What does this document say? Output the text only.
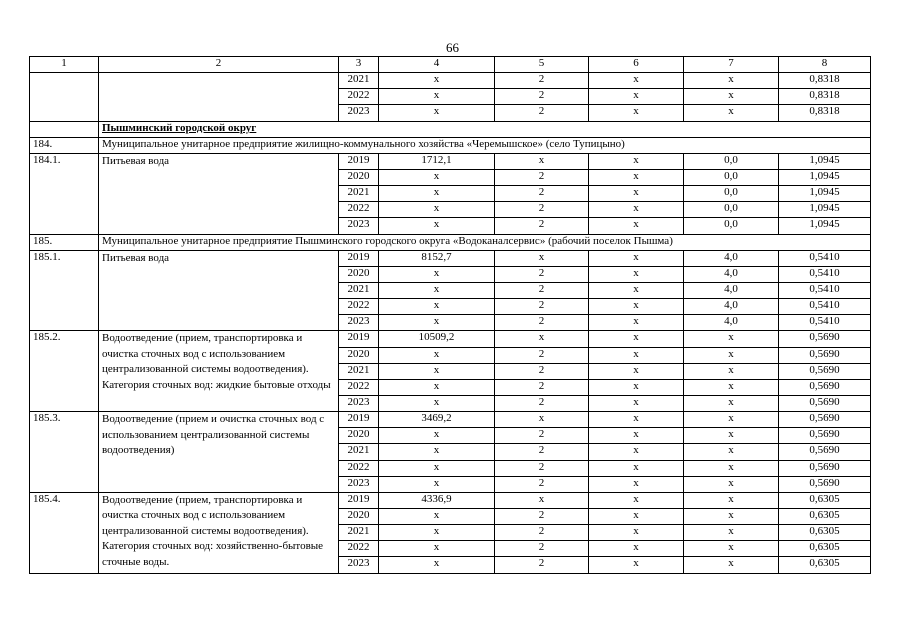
66
1	2	3	4	5	6	7	8
		2021	х	2	х	х	0,8318
		2022	х	2	х	х	0,8318
		2023	х	2	х	х	0,8318
	Пышминский городской округ						
184.	Муниципальное унитарное предприятие жилищно-коммунального хозяйства «Черемышское» (село Тупицыно)						
184.1.	Питьевая вода	2019	1712,1	х	х	0,0	1,0945
		2020	х	2	х	0,0	1,0945
		2021	х	2	х	0,0	1,0945
		2022	х	2	х	0,0	1,0945
		2023	х	2	х	0,0	1,0945
185.	Муниципальное унитарное предприятие Пышминского городского округа «Водоканалсервис» (рабочий поселок Пышма)						
185.1.	Питьевая вода	2019	8152,7	х	х	4,0	0,5410
		2020	х	2	х	4,0	0,5410
		2021	х	2	х	4,0	0,5410
		2022	х	2	х	4,0	0,5410
		2023	х	2	х	4,0	0,5410
185.2.	Водоотведение (прием, транспортировка и очистка сточных вод с использованием централизованной системы водоотведения). Категория сточных вод: жидкие бытовые отходы	2019	10509,2	х	х	х	0,5690
		2020	х	2	х	х	0,5690
		2021	х	2	х	х	0,5690
		2022	х	2	х	х	0,5690
		2023	х	2	х	х	0,5690
185.3.	Водоотведение (прием и очистка сточных вод с использованием централизованной системы водоотведения)	2019	3469,2	х	х	х	0,5690
		2020	х	2	х	х	0,5690
		2021	х	2	х	х	0,5690
		2022	х	2	х	х	0,5690
		2023	х	2	х	х	0,5690
185.4.	Водоотведение (прием, транспортировка и очистка сточных вод с использованием централизованной системы водоотведения). Категория сточных вод: хозяйственно-бытовые сточные воды.	2019	4336,9	х	х	х	0,6305
		2020	х	2	х	х	0,6305
		2021	х	2	х	х	0,6305
		2022	х	2	х	х	0,6305
		2023	х	2	х	х	0,6305
